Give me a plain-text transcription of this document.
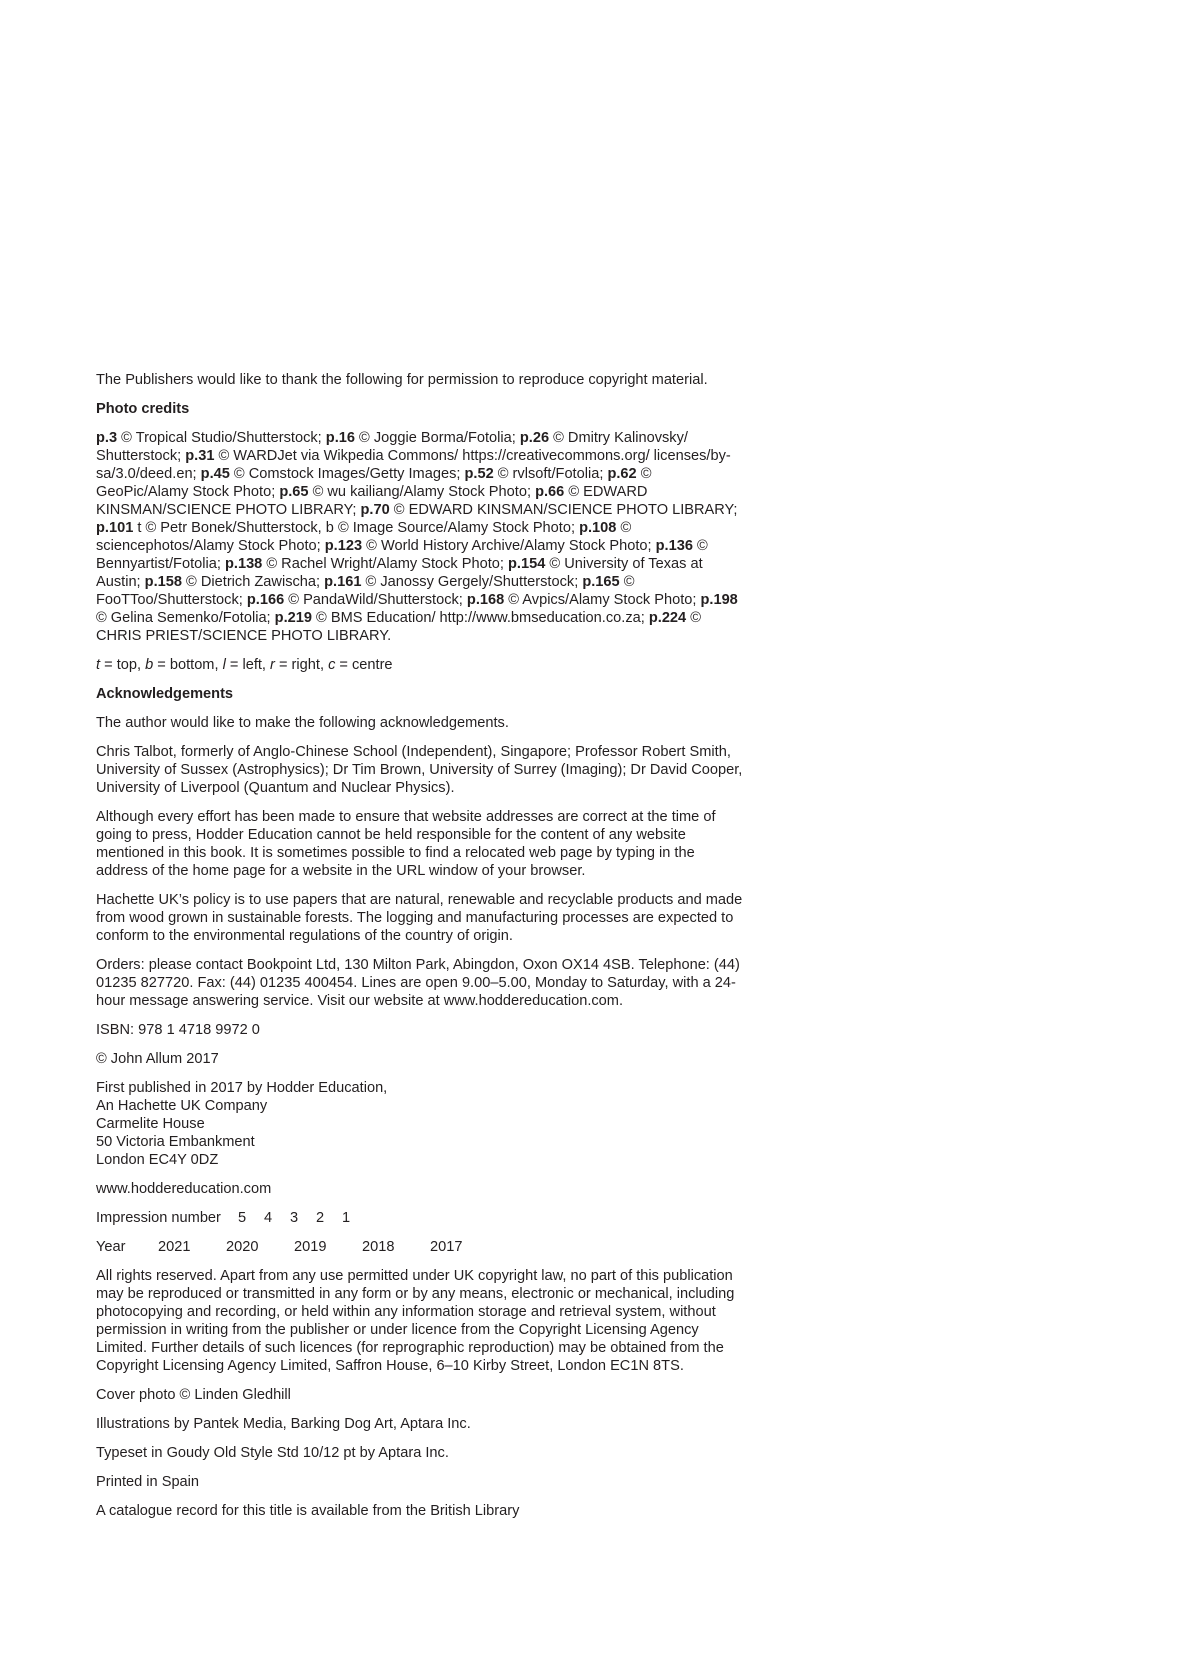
The Publishers would like to thank the following for permission to reproduce copyright material.

Photo credits

p.3 © Tropical Studio/Shutterstock; p.16 © Joggie Borma/Fotolia; p.26 © Dmitry Kalinovsky/ Shutterstock; p.31 © WARDJet via Wikpedia Commons/ https://creativecommons.org/ licenses/by-sa/3.0/deed.en; p.45 © Comstock Images/Getty Images; p.52 © rvlsoft/Fotolia; p.62 © GeoPic/Alamy Stock Photo; p.65 © wu kailiang/Alamy Stock Photo; p.66 © EDWARD KINSMAN/SCIENCE PHOTO LIBRARY; p.70 © EDWARD KINSMAN/SCIENCE PHOTO LIBRARY; p.101 t © Petr Bonek/Shutterstock, b © Image Source/Alamy Stock Photo; p.108 © sciencephotos/Alamy Stock Photo; p.123 © World History Archive/Alamy Stock Photo; p.136 © Bennyartist/Fotolia; p.138 © Rachel Wright/Alamy Stock Photo; p.154 © University of Texas at Austin; p.158 © Dietrich Zawischa; p.161 © Janossy Gergely/Shutterstock; p.165 © FooTToo/Shutterstock; p.166 © PandaWild/Shutterstock; p.168 © Avpics/Alamy Stock Photo; p.198 © Gelina Semenko/Fotolia; p.219 © BMS Education/ http://www.bmseducation.co.za; p.224 © CHRIS PRIEST/SCIENCE PHOTO LIBRARY.

t = top, b = bottom, l = left, r = right, c = centre

Acknowledgements

The author would like to make the following acknowledgements.

Chris Talbot, formerly of Anglo-Chinese School (Independent), Singapore; Professor Robert Smith, University of Sussex (Astrophysics); Dr Tim Brown, University of Surrey (Imaging); Dr David Cooper, University of Liverpool (Quantum and Nuclear Physics).

Although every effort has been made to ensure that website addresses are correct at the time of going to press, Hodder Education cannot be held responsible for the content of any website mentioned in this book. It is sometimes possible to find a relocated web page by typing in the address of the home page for a website in the URL window of your browser.

Hachette UK’s policy is to use papers that are natural, renewable and recyclable products and made from wood grown in sustainable forests. The logging and manufacturing processes are expected to conform to the environmental regulations of the country of origin.

Orders: please contact Bookpoint Ltd, 130 Milton Park, Abingdon, Oxon OX14 4SB. Telephone: (44) 01235 827720. Fax: (44) 01235 400454. Lines are open 9.00–5.00, Monday to Saturday, with a 24-hour message answering service. Visit our website at www.hoddereducation.com.

ISBN: 978 1 4718 9972 0

© John Allum 2017

First published in 2017 by Hodder Education,
An Hachette UK Company
Carmelite House
50 Victoria Embankment
London EC4Y 0DZ

www.hoddereducation.com

Impression number 5 4 3 2 1

Year 2021 2020 2019 2018 2017

All rights reserved. Apart from any use permitted under UK copyright law, no part of this publication may be reproduced or transmitted in any form or by any means, electronic or mechanical, including photocopying and recording, or held within any information storage and retrieval system, without permission in writing from the publisher or under licence from the Copyright Licensing Agency Limited. Further details of such licences (for reprographic reproduction) may be obtained from the Copyright Licensing Agency Limited, Saffron House, 6–10 Kirby Street, London EC1N 8TS.

Cover photo © Linden Gledhill

Illustrations by Pantek Media, Barking Dog Art, Aptara Inc.

Typeset in Goudy Old Style Std 10/12 pt by Aptara Inc.

Printed in Spain

A catalogue record for this title is available from the British Library
